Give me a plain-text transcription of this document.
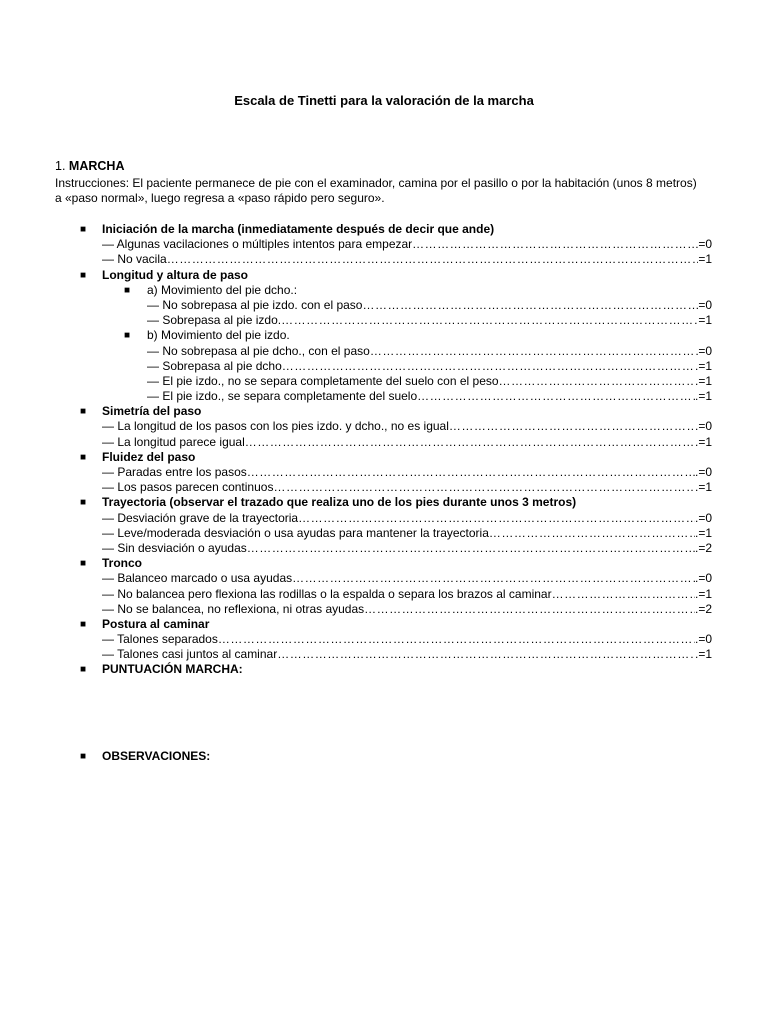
Escala de Tinetti para la valoración de la marcha
1. MARCHA
Instrucciones: El paciente permanece de pie con el examinador, camina por el pasillo o por la habitación (unos 8 metros) a «paso normal», luego regresa a «paso rápido pero seguro».
■	Iniciación de la marcha (inmediatamente después de decir que ande)
— Algunas vacilaciones o múltiples intentos para empezar ……………………………………………………………………………………………………………………………………………………………………	=0
— No vacila ……………………………………………………………………………………………………………………………………………………………………	=1
■	Longitud y altura de paso
■ a) Movimiento del pie dcho.:
— No sobrepasa al pie izdo. con el paso ……………………………………………………………………………………………………………………………………………………………………	=0
— Sobrepasa al pie izdo. ……………………………………………………………………………………………………………………………………………………………………	=1
■ b) Movimiento del pie izdo.
— No sobrepasa al pie dcho., con el paso ……………………………………………………………………………………………………………………………………………………………………	=0
— Sobrepasa al pie dcho ……………………………………………………………………………………………………………………………………………………………………	.=1
— El pie izdo., no se separa completamente del suelo con el peso ……………………………………………………………………………………………………………………………………………………………………	.=1
— El pie izdo., se separa completamente del suelo ……………………………………………………………………………………………………………………………………………………………………	.=1
■	Simetría del paso
— La longitud de los pasos con los pies izdo. y dcho., no es igual ……………………………………………………………………………………………………………………………………………………………………	.=0
— La longitud parece igual ……………………………………………………………………………………………………………………………………………………………………	.=1
■	Fluidez del paso
— Paradas entre los pasos ……………………………………………………………………………………………………………………………………………………………………	.=0
— Los pasos parecen continuos ……………………………………………………………………………………………………………………………………………………………………	.=1
■	Trayectoria (observar el trazado que realiza uno de los pies durante unos 3 metros)
— Desviación grave de la trayectoria ……………………………………………………………………………………………………………………………………………………………………	.=0
— Leve/moderada desviación o usa ayudas para mantener la trayectoria ……………………………………………………………………………………………………………………………………………………………………	.=1
— Sin desviación o ayudas ……………………………………………………………………………………………………………………………………………………………………	.=2
■	Tronco
— Balanceo marcado o usa ayudas ……………………………………………………………………………………………………………………………………………………………………	.=0
— No balancea pero flexiona las rodillas o la espalda o separa los brazos al caminar ……………………………………………………………………………………………………………………………………………………………………	.=1
— No se balancea, no reflexiona, ni otras ayudas ……………………………………………………………………………………………………………………………………………………………………	.=2
■	Postura al caminar
— Talones separados ……………………………………………………………………………………………………………………………………………………………………	.=0
— Talones casi juntos al caminar ……………………………………………………………………………………………………………………………………………………………………	.=1
■	PUNTUACIÓN MARCHA:
■	OBSERVACIONES:
